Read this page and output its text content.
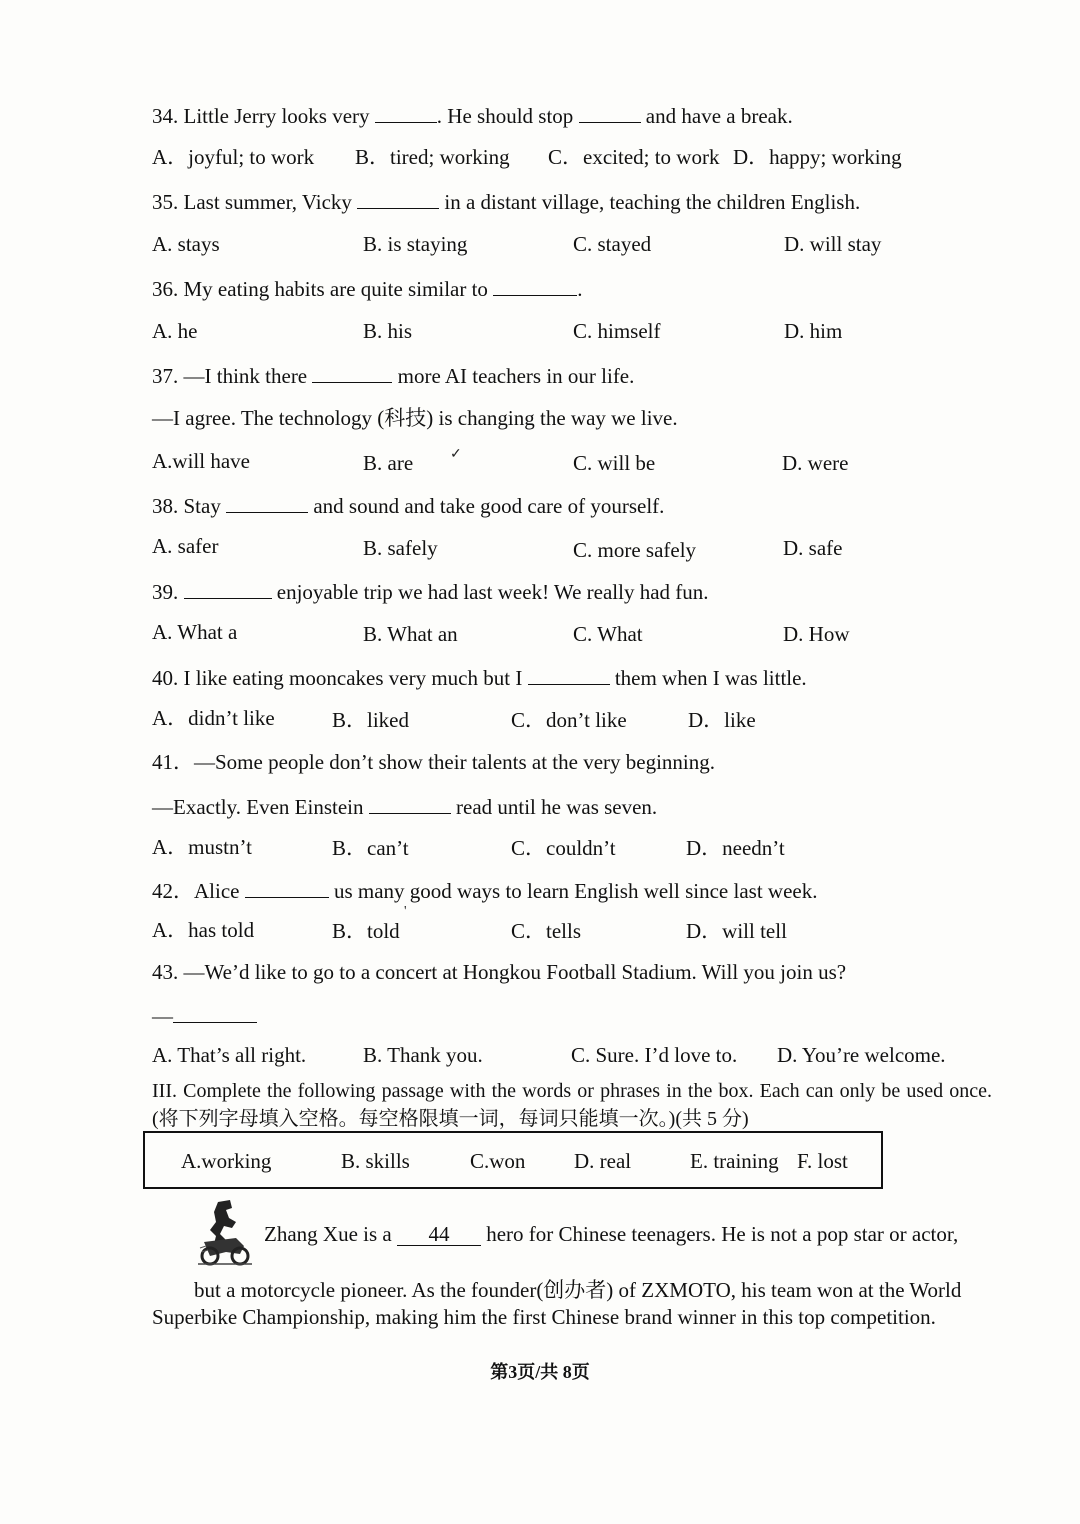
34. Little Jerry looks very	. He should stop	and have a break.
A．joyful; to work B．tired; working C．excited; to work D．happy; working
35. Last summer, Vicky	in a distant village, teaching the children English.
A. stays	B. is staying	C. stayed	D. will stay
36. My eating habits are quite similar to	.
A. he	B. his	C. himself	D. him
37. —I think there	more AI teachers in our life.
—I agree. The technology (科技) is changing the way we live.
A.will have	B. are	✓	C. will be	D. were
38. Stay	and sound and take good care of yourself.
A. safer	B. safely	C. more safely	D. safe
39.	enjoyable trip we had last week! We really had fun.
A. What a	B. What an	C. What	D. How
40. I like eating mooncakes very much but I	them when I was little.
A．didn’t like	B．liked	C．don’t like	D．like
41．—Some people don’t show their talents at the very beginning.
—Exactly. Even Einstein	read until he was seven.
A．mustn’t	B．can’t	C．couldn’t	D．needn’t
42．Alice	us many good ways to learn English well since last week.
'
A．has told	B．told	C．tells	D．will tell
43. —We’d like to go to a concert at Hongkou Football Stadium. Will you join us?
—
A. That’s all right.	B. Thank you.	C. Sure. I’d love to. D. You’re welcome.
III. Complete the following passage with the words or phrases in the box. Each can only be used once. (将下列字母填入空格。每空格限填一词，每词只能填一次。)(共 5 分)
A.working	B. skills	C.won D. real	E. training F. lost
Zhang Xue is a 44 hero for Chinese teenagers. He is not a pop star or actor,
but a motorcycle pioneer. As the founder(创办者) of ZXMOTO, his team won at the World
Superbike Championship, making him the first Chinese brand winner in this top competition.
第3页/共 8页
